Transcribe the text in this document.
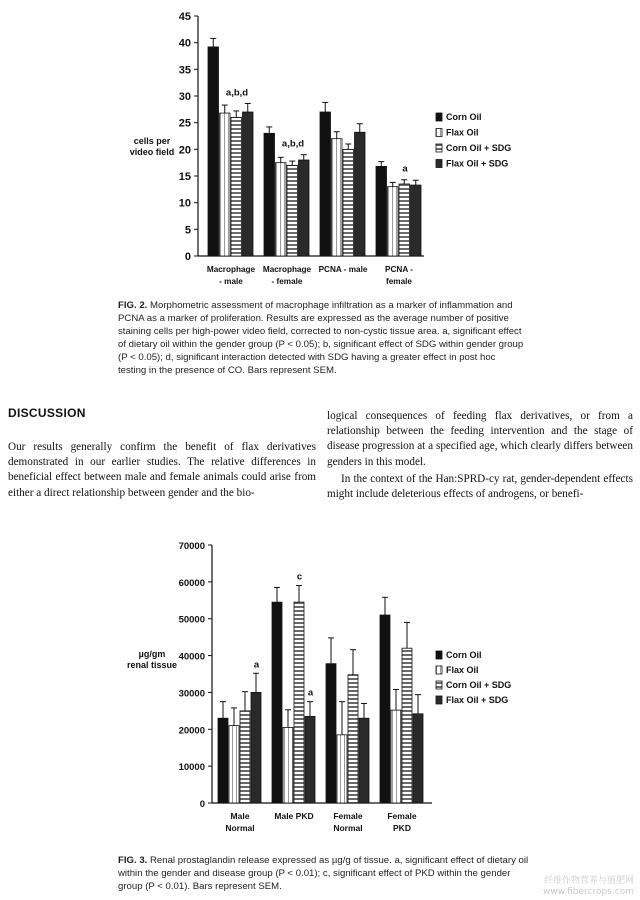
0
5
10
15
20
25
30
35
40
45
cells per
video field
Macrophage
- male
Macrophage
- female
PCNA - male PCNA -
female
a,b,d
a,b,d
a
Corn Oil
Flax Oil
Corn Oil + SDG
Flax Oil + SDG
FIG. 2. Morphometric assessment of macrophage infiltration as a marker of inflammation and PCNA as a marker of proliferation. Results are expressed as the average number of positive staining cells per high-power video field, corrected to non-cystic tissue area. a, significant effect of dietary oil within the gender group (P < 0.05); b, significant effect of SDG within gender group (P < 0.05); d, significant interaction detected with SDG having a greater effect in post hoc testing in the presence of CO. Bars represent SEM.
DISCUSSION

Our results generally confirm the benefit of flax derivatives demonstrated in our earlier studies. The relative differences in beneficial effect between male and female animals could arise from either a direct relationship between gender and the bio-

logical consequences of feeding flax derivatives, or from a relationship between the feeding intervention and the stage of disease progression at a specified age, which clearly differs between genders in this model.

In the context of the Han:SPRD-cy rat, gender-dependent effects might include deleterious effects of androgens, or benefi-

0
10000
20000
30000
40000
50000
60000
70000
µg/gm
renal tissue
Male
Normal
Male PKD Female
Normal
Female
PKD
a
c
a
Corn Oil
Flax Oil
Corn Oil + SDG
Flax Oil + SDG
FIG. 3. Renal prostaglandin release expressed as µg/g of tissue. a, significant effect of dietary oil within the gender and disease group (P < 0.01); c, significant effect of PKD within the gender group (P < 0.01). Bars represent SEM.	纤维作物营养与施肥网
www.fibercrops.com
